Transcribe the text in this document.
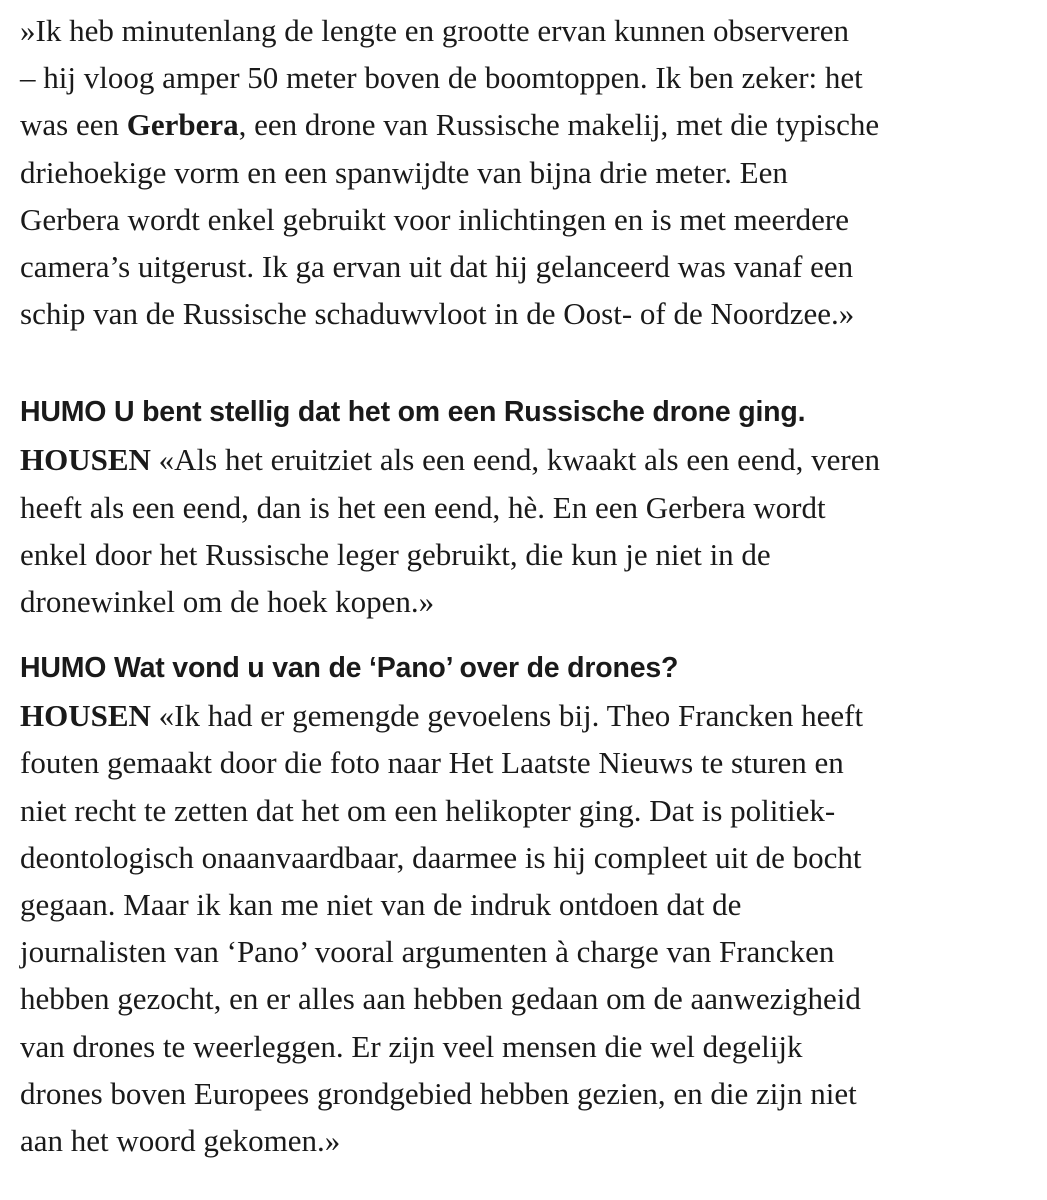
»Ik heb minutenlang de lengte en grootte ervan kunnen observeren
– hij vloog amper 50 meter boven de boomtoppen. Ik ben zeker: het
was een Gerbera, een drone van Russische makelij, met die typische
driehoekige vorm en een spanwijdte van bijna drie meter. Een
Gerbera wordt enkel gebruikt voor inlichtingen en is met meerdere
camera’s uitgerust. Ik ga ervan uit dat hij gelanceerd was vanaf een
schip van de Russische schaduwvloot in de Oost- of de Noordzee.»

HUMO U bent stellig dat het om een Russische drone ging.

HOUSEN «Als het eruitziet als een eend, kwaakt als een eend, veren
heeft als een eend, dan is het een eend, hè. En een Gerbera wordt
enkel door het Russische leger gebruikt, die kun je niet in de
dronewinkel om de hoek kopen.»

HUMO Wat vond u van de ‘Pano’ over de drones?

HOUSEN «Ik had er gemengde gevoelens bij. Theo Francken heeft
fouten gemaakt door die foto naar Het Laatste Nieuws te sturen en
niet recht te zetten dat het om een helikopter ging. Dat is politiek-
deontologisch onaanvaardbaar, daarmee is hij compleet uit de bocht
gegaan. Maar ik kan me niet van de indruk ontdoen dat de
journalisten van ‘Pano’ vooral argumenten à charge van Francken
hebben gezocht, en er alles aan hebben gedaan om de aanwezigheid
van drones te weerleggen. Er zijn veel mensen die wel degelijk
drones boven Europees grondgebied hebben gezien, en die zijn niet
aan het woord gekomen.»
